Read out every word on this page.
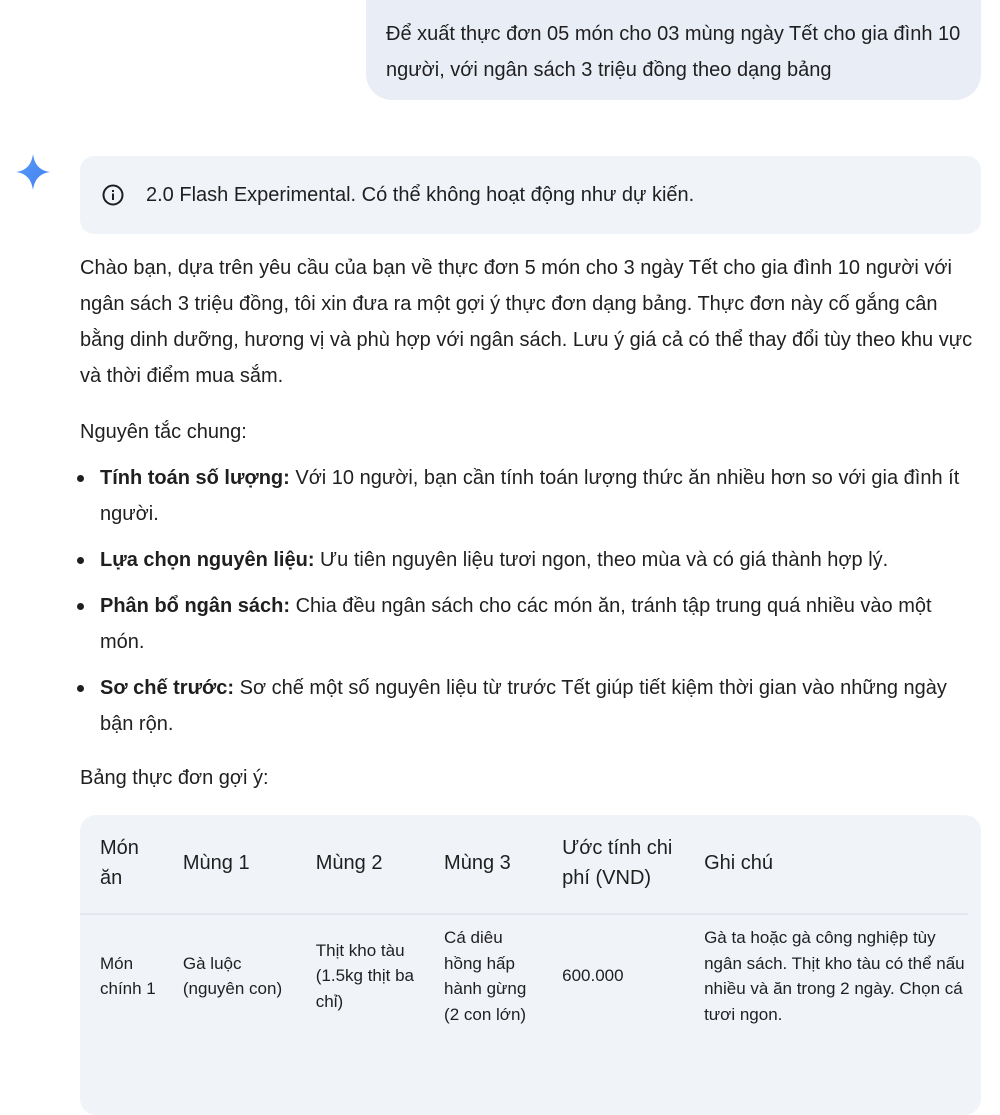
Để xuất thực đơn 05 món cho 03 mùng ngày Tết cho gia đình 10 người, với ngân sách 3 triệu đồng theo dạng bảng
2.0 Flash Experimental. Có thể không hoạt động như dự kiến.

Chào bạn, dựa trên yêu cầu của bạn về thực đơn 5 món cho 3 ngày Tết cho gia đình 10 người với ngân sách 3 triệu đồng, tôi xin đưa ra một gợi ý thực đơn dạng bảng. Thực đơn này cố gắng cân bằng dinh dưỡng, hương vị và phù hợp với ngân sách. Lưu ý giá cả có thể thay đổi tùy theo khu vực và thời điểm mua sắm.

Nguyên tắc chung:

Tính toán số lượng: Với 10 người, bạn cần tính toán lượng thức ăn nhiều hơn so với gia đình ít người.
Lựa chọn nguyên liệu: Ưu tiên nguyên liệu tươi ngon, theo mùa và có giá thành hợp lý.
Phân bổ ngân sách: Chia đều ngân sách cho các món ăn, tránh tập trung quá nhiều vào một món.
Sơ chế trước: Sơ chế một số nguyên liệu từ trước Tết giúp tiết kiệm thời gian vào những ngày bận rộn.

Bảng thực đơn gợi ý:

Món ăn	Mùng 1	Mùng 2	Mùng 3	Ước tính chi phí (VND)	Ghi chú
Món chính 1	Gà luộc (nguyên con)	Thịt kho tàu (1.5kg thịt ba chỉ)	Cá diêu hồng hấp hành gừng (2 con lớn)	600.000	Gà ta hoặc gà công nghiệp tùy ngân sách. Thịt kho tàu có thể nấu nhiều và ăn trong 2 ngày. Chọn cá tươi ngon.
